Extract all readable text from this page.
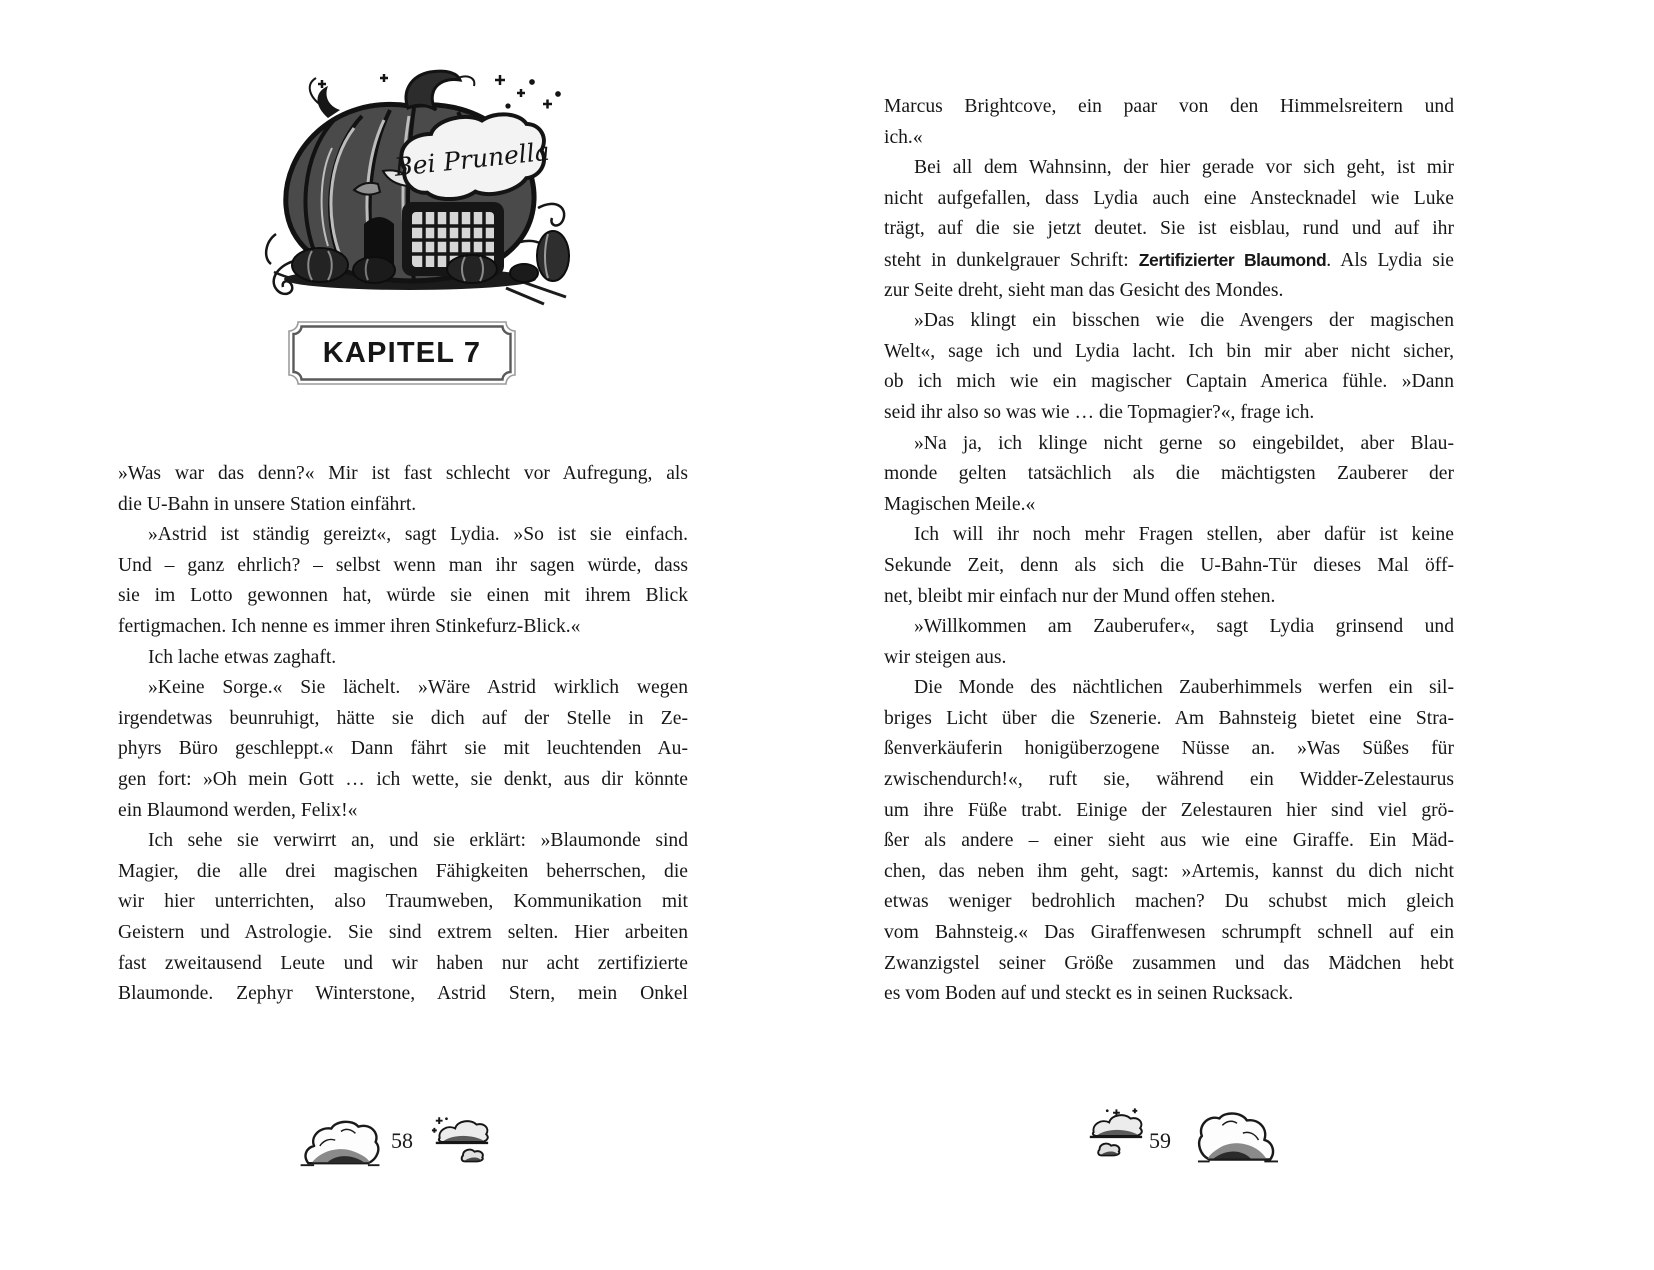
Bei Prunella
KAPITEL 7
»Was war das denn?« Mir ist fast schlecht vor Aufregung, als
die U-Bahn in unsere Station einfährt.
»Astrid ist ständig gereizt«, sagt Lydia. »So ist sie einfach.
Und – ganz ehrlich? – selbst wenn man ihr sagen würde, dass
sie im Lotto gewonnen hat, würde sie einen mit ihrem Blick
fertigmachen. Ich nenne es immer ihren Stinkefurz-Blick.«
Ich lache etwas zaghaft.
»Keine Sorge.« Sie lächelt. »Wäre Astrid wirklich wegen
irgendetwas beunruhigt, hätte sie dich auf der Stelle in Ze-
phyrs Büro geschleppt.« Dann fährt sie mit leuchtenden Au-
gen fort: »Oh mein Gott … ich wette, sie denkt, aus dir könnte
ein Blaumond werden, Felix!«
Ich sehe sie verwirrt an, und sie erklärt: »Blaumonde sind
Magier, die alle drei magischen Fähigkeiten beherrschen, die
wir hier unterrichten, also Traumweben, Kommunikation mit
Geistern und Astrologie. Sie sind extrem selten. Hier arbeiten
fast zweitausend Leute und wir haben nur acht zertifizierte
Blaumonde. Zephyr Winterstone, Astrid Stern, mein Onkel
58
Marcus Brightcove, ein paar von den Himmelsreitern und
ich.«
Bei all dem Wahnsinn, der hier gerade vor sich geht, ist mir
nicht aufgefallen, dass Lydia auch eine Anstecknadel wie Luke
trägt, auf die sie jetzt deutet. Sie ist eisblau, rund und auf ihr
steht in dunkelgrauer Schrift: Zertifizierter Blaumond. Als Lydia sie
zur Seite dreht, sieht man das Gesicht des Mondes.
»Das klingt ein bisschen wie die Avengers der magischen
Welt«, sage ich und Lydia lacht. Ich bin mir aber nicht sicher,
ob ich mich wie ein magischer Captain America fühle. »Dann
seid ihr also so was wie … die Topmagier?«, frage ich.
»Na ja, ich klinge nicht gerne so eingebildet, aber Blau-
monde gelten tatsächlich als die mächtigsten Zauberer der
Magischen Meile.«
Ich will ihr noch mehr Fragen stellen, aber dafür ist keine
Sekunde Zeit, denn als sich die U-Bahn-Tür dieses Mal öff-
net, bleibt mir einfach nur der Mund offen stehen.
»Willkommen am Zauberufer«, sagt Lydia grinsend und
wir steigen aus.
Die Monde des nächtlichen Zauberhimmels werfen ein sil-
briges Licht über die Szenerie. Am Bahnsteig bietet eine Stra-
ßenverkäuferin honigüberzogene Nüsse an. »Was Süßes für
zwischendurch!«, ruft sie, während ein Widder-Zelestaurus
um ihre Füße trabt. Einige der Zelestauren hier sind viel grö-
ßer als andere – einer sieht aus wie eine Giraffe. Ein Mäd-
chen, das neben ihm geht, sagt: »Artemis, kannst du dich nicht
etwas weniger bedrohlich machen? Du schubst mich gleich
vom Bahnsteig.« Das Giraffenwesen schrumpft schnell auf ein
Zwanzigstel seiner Größe zusammen und das Mädchen hebt
es vom Boden auf und steckt es in seinen Rucksack.
59
